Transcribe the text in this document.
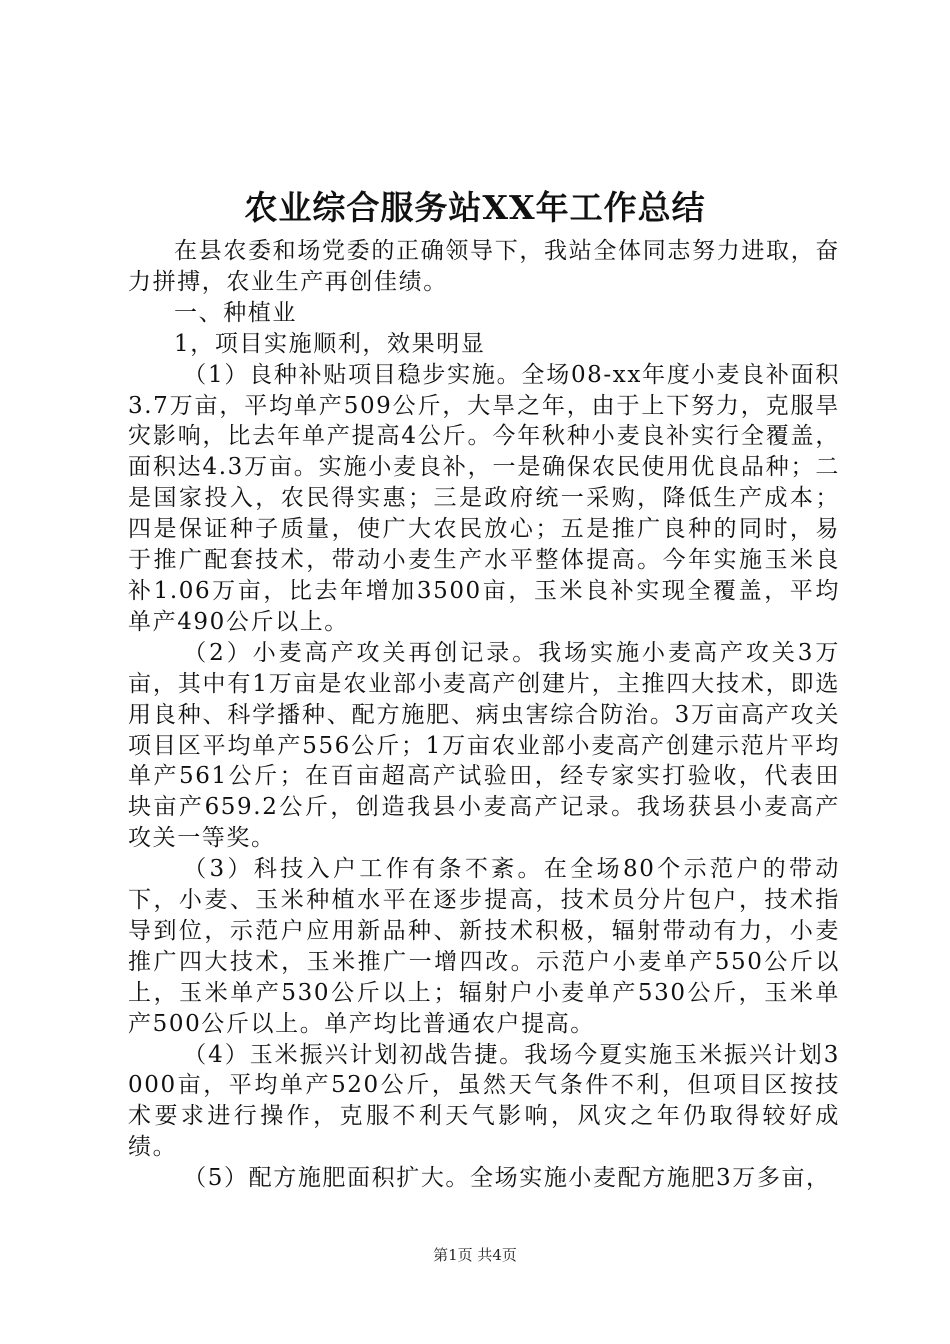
农业综合服务站XX年工作总结

在县农委和场党委的正确领导下，我站全体同志努力进取，奋力拼搏，农业生产再创佳绩。

一、种植业

1，项目实施顺利，效果明显

（1）良种补贴项目稳步实施。全场08-xx年度小麦良补面积3.7万亩，平均单产509公斤，大旱之年，由于上下努力，克服旱灾影响，比去年单产提高4公斤。今年秋种小麦良补实行全覆盖，面积达4.3万亩。实施小麦良补，一是确保农民使用优良品种；二是国家投入，农民得实惠；三是政府统一采购，降低生产成本；四是保证种子质量，使广大农民放心；五是推广良种的同时，易于推广配套技术，带动小麦生产水平整体提高。今年实施玉米良补1.06万亩，比去年增加3500亩，玉米良补实现全覆盖，平均单产490公斤以上。

（2）小麦高产攻关再创记录。我场实施小麦高产攻关3万亩，其中有1万亩是农业部小麦高产创建片，主推四大技术，即选用良种、科学播种、配方施肥、病虫害综合防治。3万亩高产攻关项目区平均单产556公斤；1万亩农业部小麦高产创建示范片平均单产561公斤；在百亩超高产试验田，经专家实打验收，代表田块亩产659.2公斤，创造我县小麦高产记录。我场获县小麦高产攻关一等奖。

（3）科技入户工作有条不紊。在全场80个示范户的带动下，小麦、玉米种植水平在逐步提高，技术员分片包户，技术指导到位，示范户应用新品种、新技术积极，辐射带动有力，小麦推广四大技术，玉米推广一增四改。示范户小麦单产550公斤以上，玉米单产530公斤以上；辐射户小麦单产530公斤，玉米单产500公斤以上。单产均比普通农户提高。

（4）玉米振兴计划初战告捷。我场今夏实施玉米振兴计划3000亩，平均单产520公斤，虽然天气条件不利，但项目区按技术要求进行操作，克服不利天气影响，风灾之年仍取得较好成绩。

（5）配方施肥面积扩大。全场实施小麦配方施肥3万多亩，

第1页 共4页
